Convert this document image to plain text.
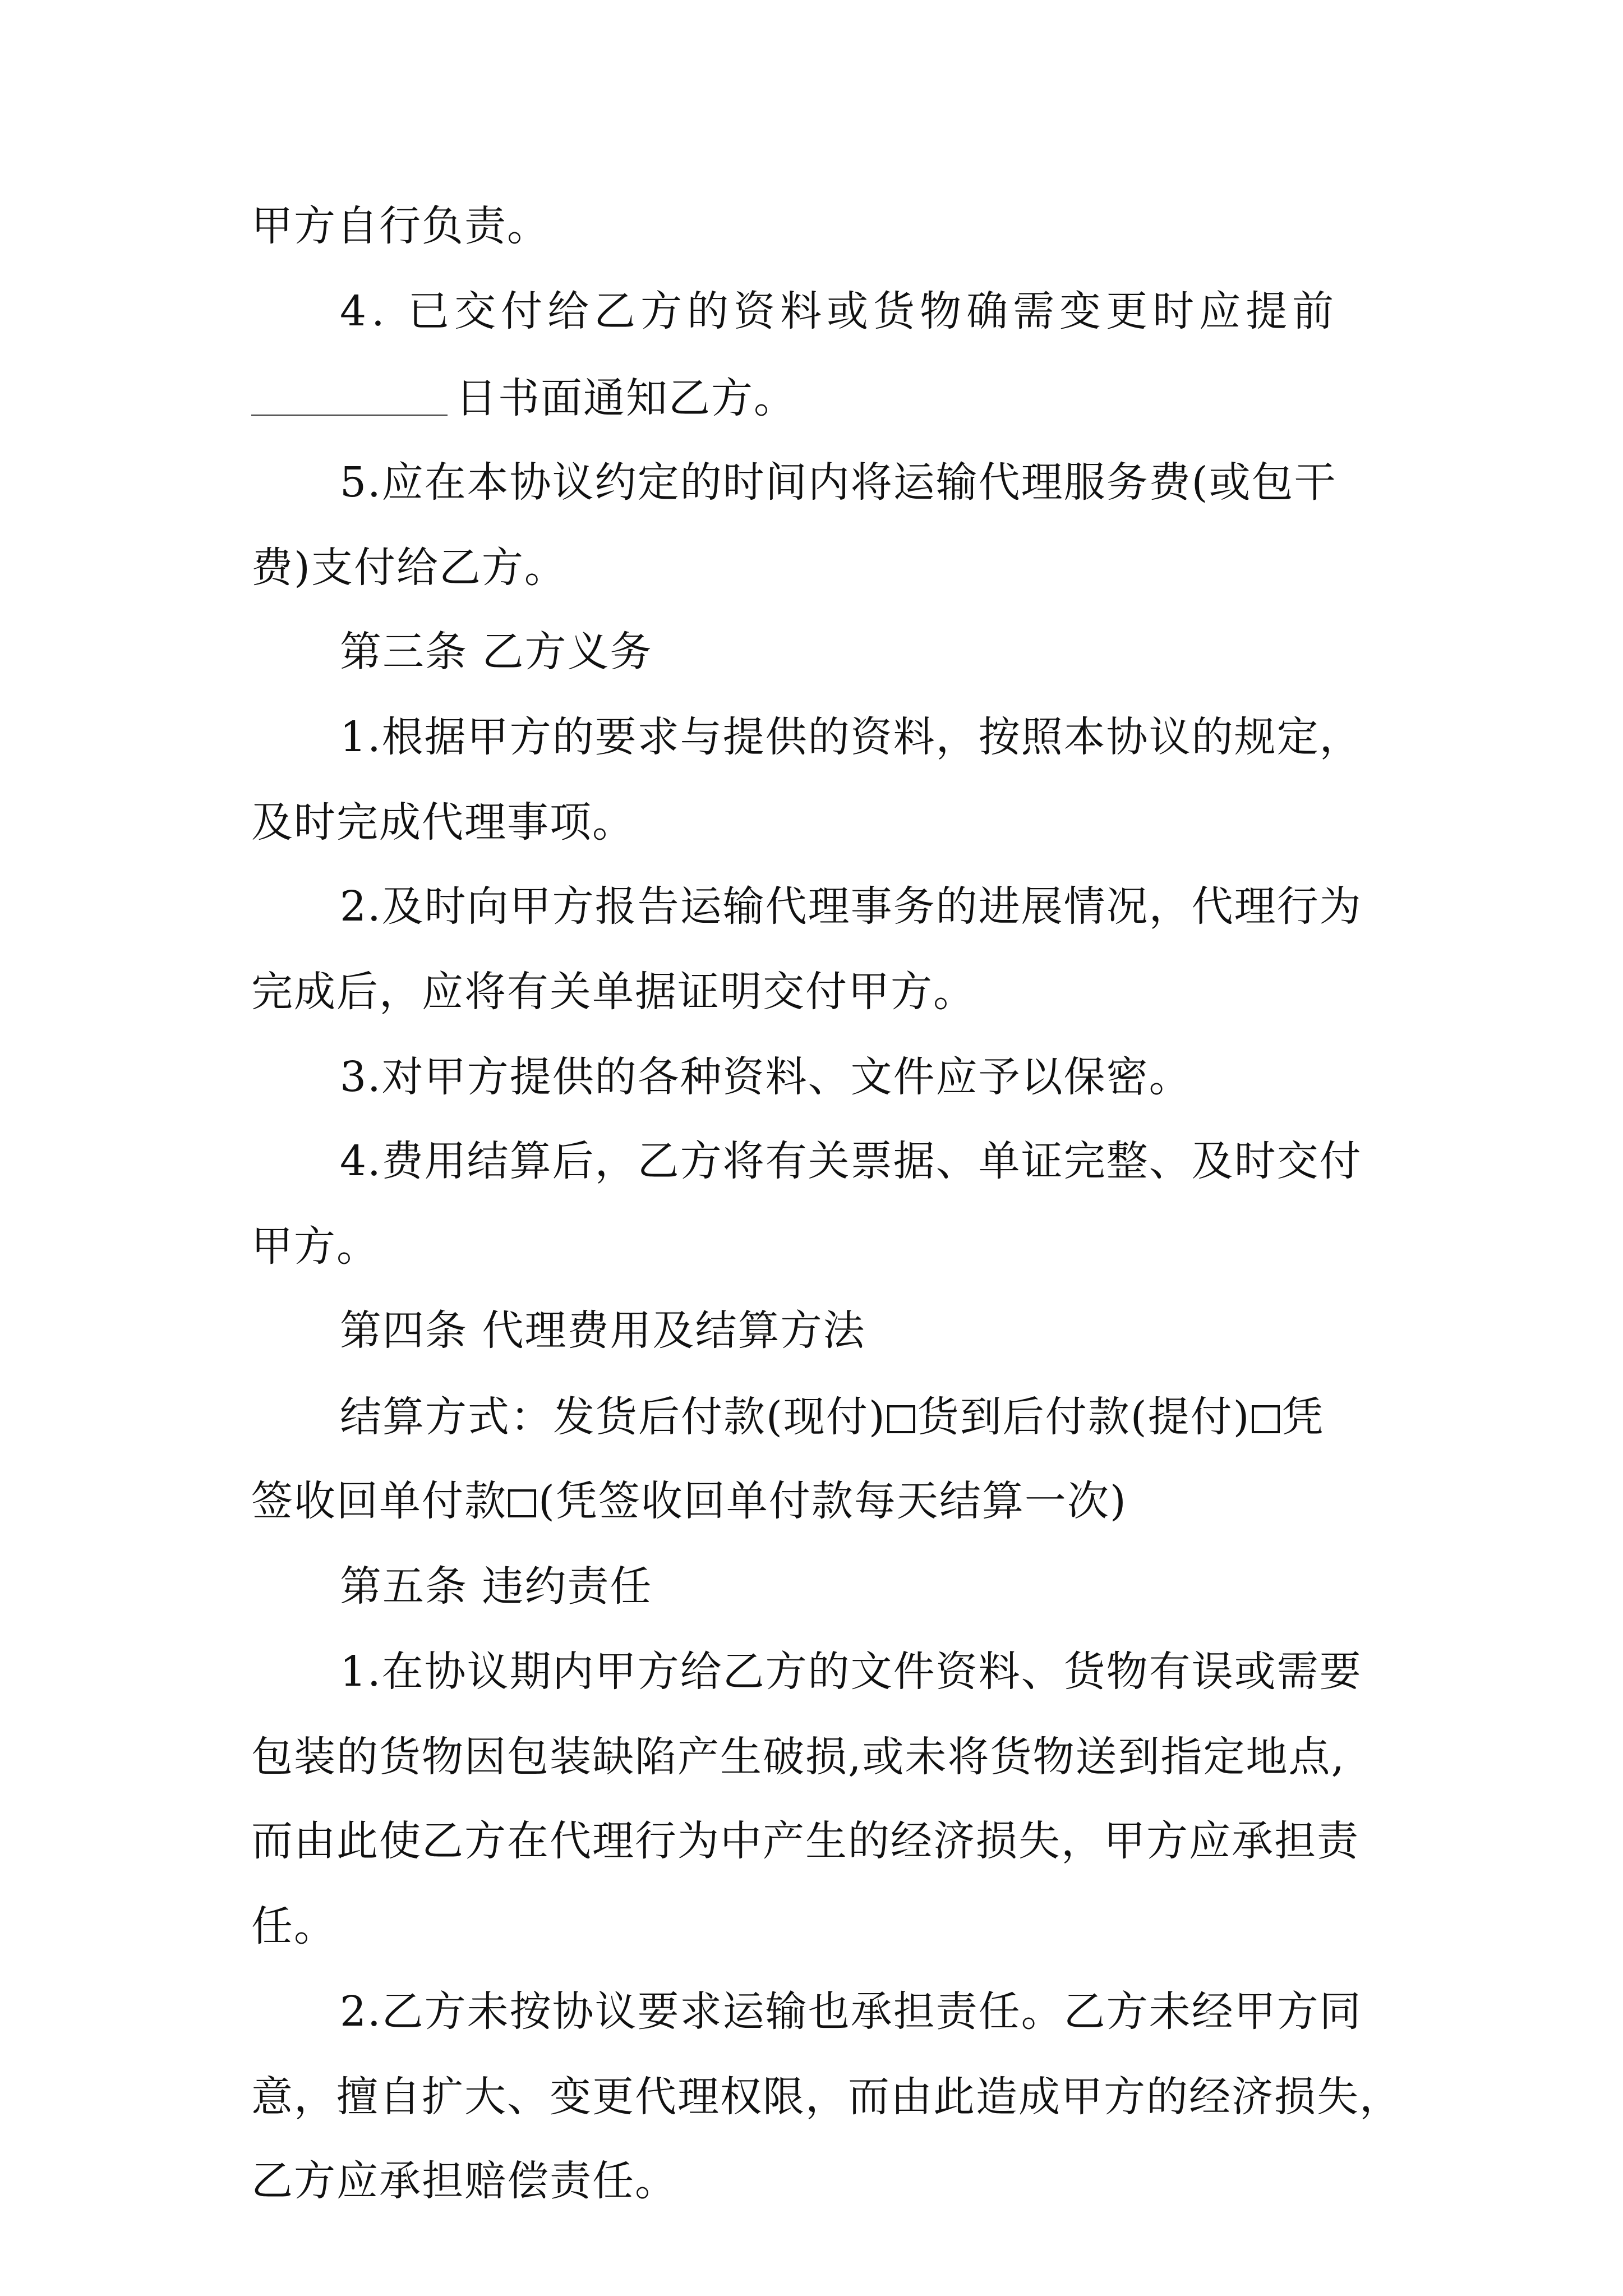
甲方自行负责。
4. 已交付给乙方的资料或货物确需变更时应提前
日书面通知乙方。
5.应在本协议约定的时间内将运输代理服务费(或包干
费)支付给乙方。
第三条 乙方义务
1.根据甲方的要求与提供的资料，按照本协议的规定，
及时完成代理事项。
2.及时向甲方报告运输代理事务的进展情况，代理行为
完成后，应将有关单据证明交付甲方。
3.对甲方提供的各种资料、文件应予以保密。
4.费用结算后，乙方将有关票据、单证完整、及时交付
甲方。
第四条 代理费用及结算方法
结算方式：发货后付款(现付) 货到后付款(提付) 凭
签收回单付款 (凭签收回单付款每天结算一次)
第五条 违约责任
1.在协议期内甲方给乙方的文件资料、货物有误或需要
包装的货物因包装缺陷产生破损,或未将货物送到指定地点,
而由此使乙方在代理行为中产生的经济损失，甲方应承担责
任。
2.乙方未按协议要求运输也承担责任。乙方未经甲方同
意，擅自扩大、变更代理权限，而由此造成甲方的经济损失，
乙方应承担赔偿责任。
